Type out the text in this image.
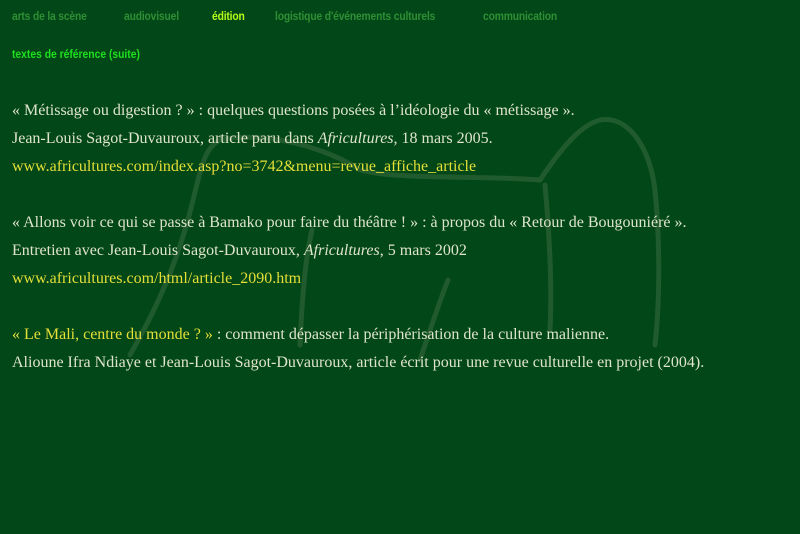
arts de la scène	audiovisuel	édition	logistique d'événements culturels	communication
textes de référence (suite)
« Métissage ou digestion ? » : quelques questions posées à l’idéologie du « métissage ».
Jean-Louis Sagot-Duvauroux, article paru dans Africultures, 18 mars 2005.
www.africultures.com/index.asp?no=3742&menu=revue_affiche_article
« Allons voir ce qui se passe à Bamako pour faire du théâtre ! » : à propos du « Retour de Bougouniéré ».
Entretien avec Jean-Louis Sagot-Duvauroux, Africultures, 5 mars 2002
www.africultures.com/html/article_2090.htm
« Le Mali, centre du monde ? » : comment dépasser la périphérisation de la culture malienne.
Alioune Ifra Ndiaye et Jean-Louis Sagot-Duvauroux, article écrit pour une revue culturelle en projet (2004).
